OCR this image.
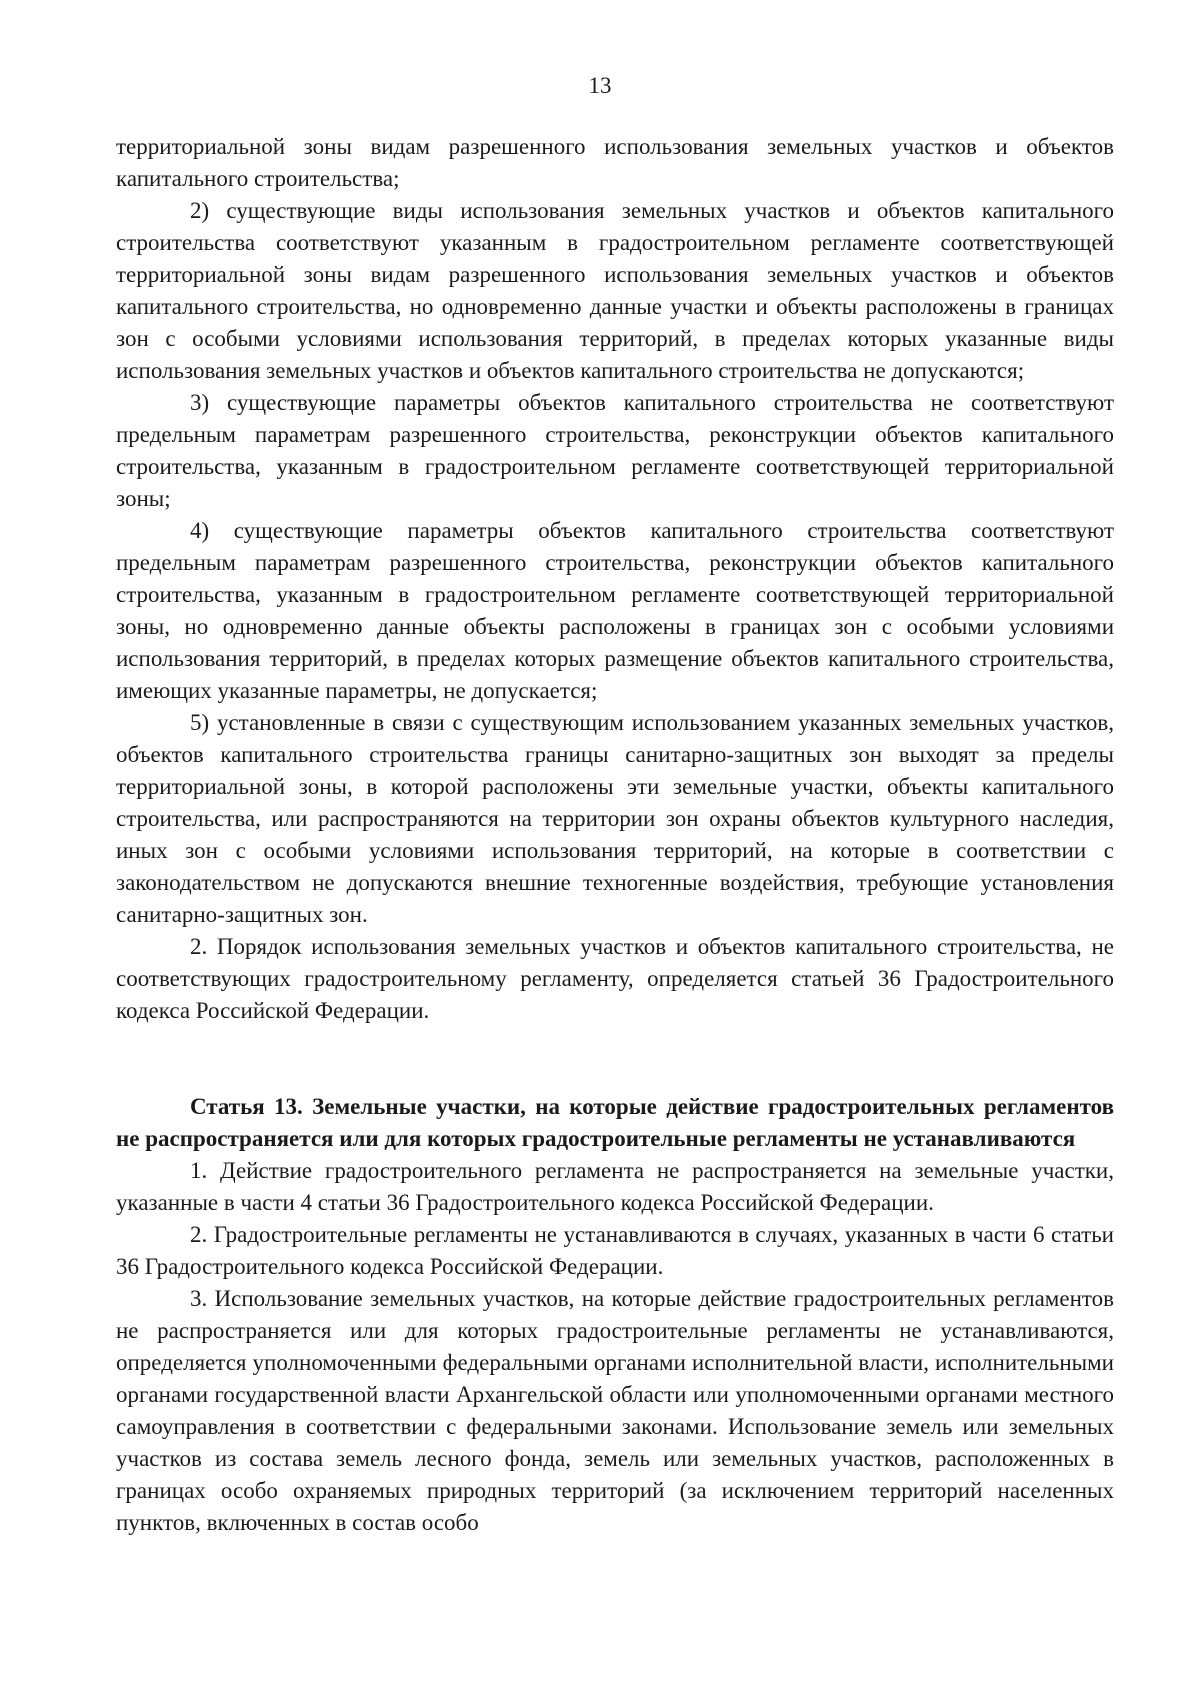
13

территориальной зоны видам разрешенного использования земельных участков и объектов капитального строительства;

2) существующие виды использования земельных участков и объектов капитального строительства соответствуют указанным в градостроительном регламенте соответствующей территориальной зоны видам разрешенного использования земельных участков и объектов капитального строительства, но одновременно данные участки и объекты расположены в границах зон с особыми условиями использования территорий, в пределах которых указанные виды использования земельных участков и объектов капитального строительства не допускаются;

3) существующие параметры объектов капитального строительства не соответствуют предельным параметрам разрешенного строительства, реконструкции объектов капитального строительства, указанным в градостроительном регламенте соответствующей территориальной зоны;

4) существующие параметры объектов капитального строительства соответствуют предельным параметрам разрешенного строительства, реконструкции объектов капитального строительства, указанным в градостроительном регламенте соответствующей территориальной зоны, но одновременно данные объекты расположены в границах зон с особыми условиями использования территорий, в пределах которых размещение объектов капитального строительства, имеющих указанные параметры, не допускается;

5) установленные в связи с существующим использованием указанных земельных участков, объектов капитального строительства границы санитарно-защитных зон выходят за пределы территориальной зоны, в которой расположены эти земельные участки, объекты капитального строительства, или распространяются на территории зон охраны объектов культурного наследия, иных зон с особыми условиями использования территорий, на которые в соответствии с законодательством не допускаются внешние техногенные воздействия, требующие установления санитарно-защитных зон.

2. Порядок использования земельных участков и объектов капитального строительства, не соответствующих градостроительному регламенту, определяется статьей 36 Градостроительного кодекса Российской Федерации.

Статья 13. Земельные участки, на которые действие градостроительных регламентов не распространяется или для которых градостроительные регламенты не устанавливаются

1. Действие градостроительного регламента не распространяется на земельные участки, указанные в части 4 статьи 36 Градостроительного кодекса Российской Федерации.

2. Градостроительные регламенты не устанавливаются в случаях, указанных в части 6 статьи 36 Градостроительного кодекса Российской Федерации.

3. Использование земельных участков, на которые действие градостроительных регламентов не распространяется или для которых градостроительные регламенты не устанавливаются, определяется уполномоченными федеральными органами исполнительной власти, исполнительными органами государственной власти Архангельской области или уполномоченными органами местного самоуправления в соответствии с федеральными законами. Использование земель или земельных участков из состава земель лесного фонда, земель или земельных участков, расположенных в границах особо охраняемых природных территорий (за исключением территорий населенных пунктов, включенных в состав особо
